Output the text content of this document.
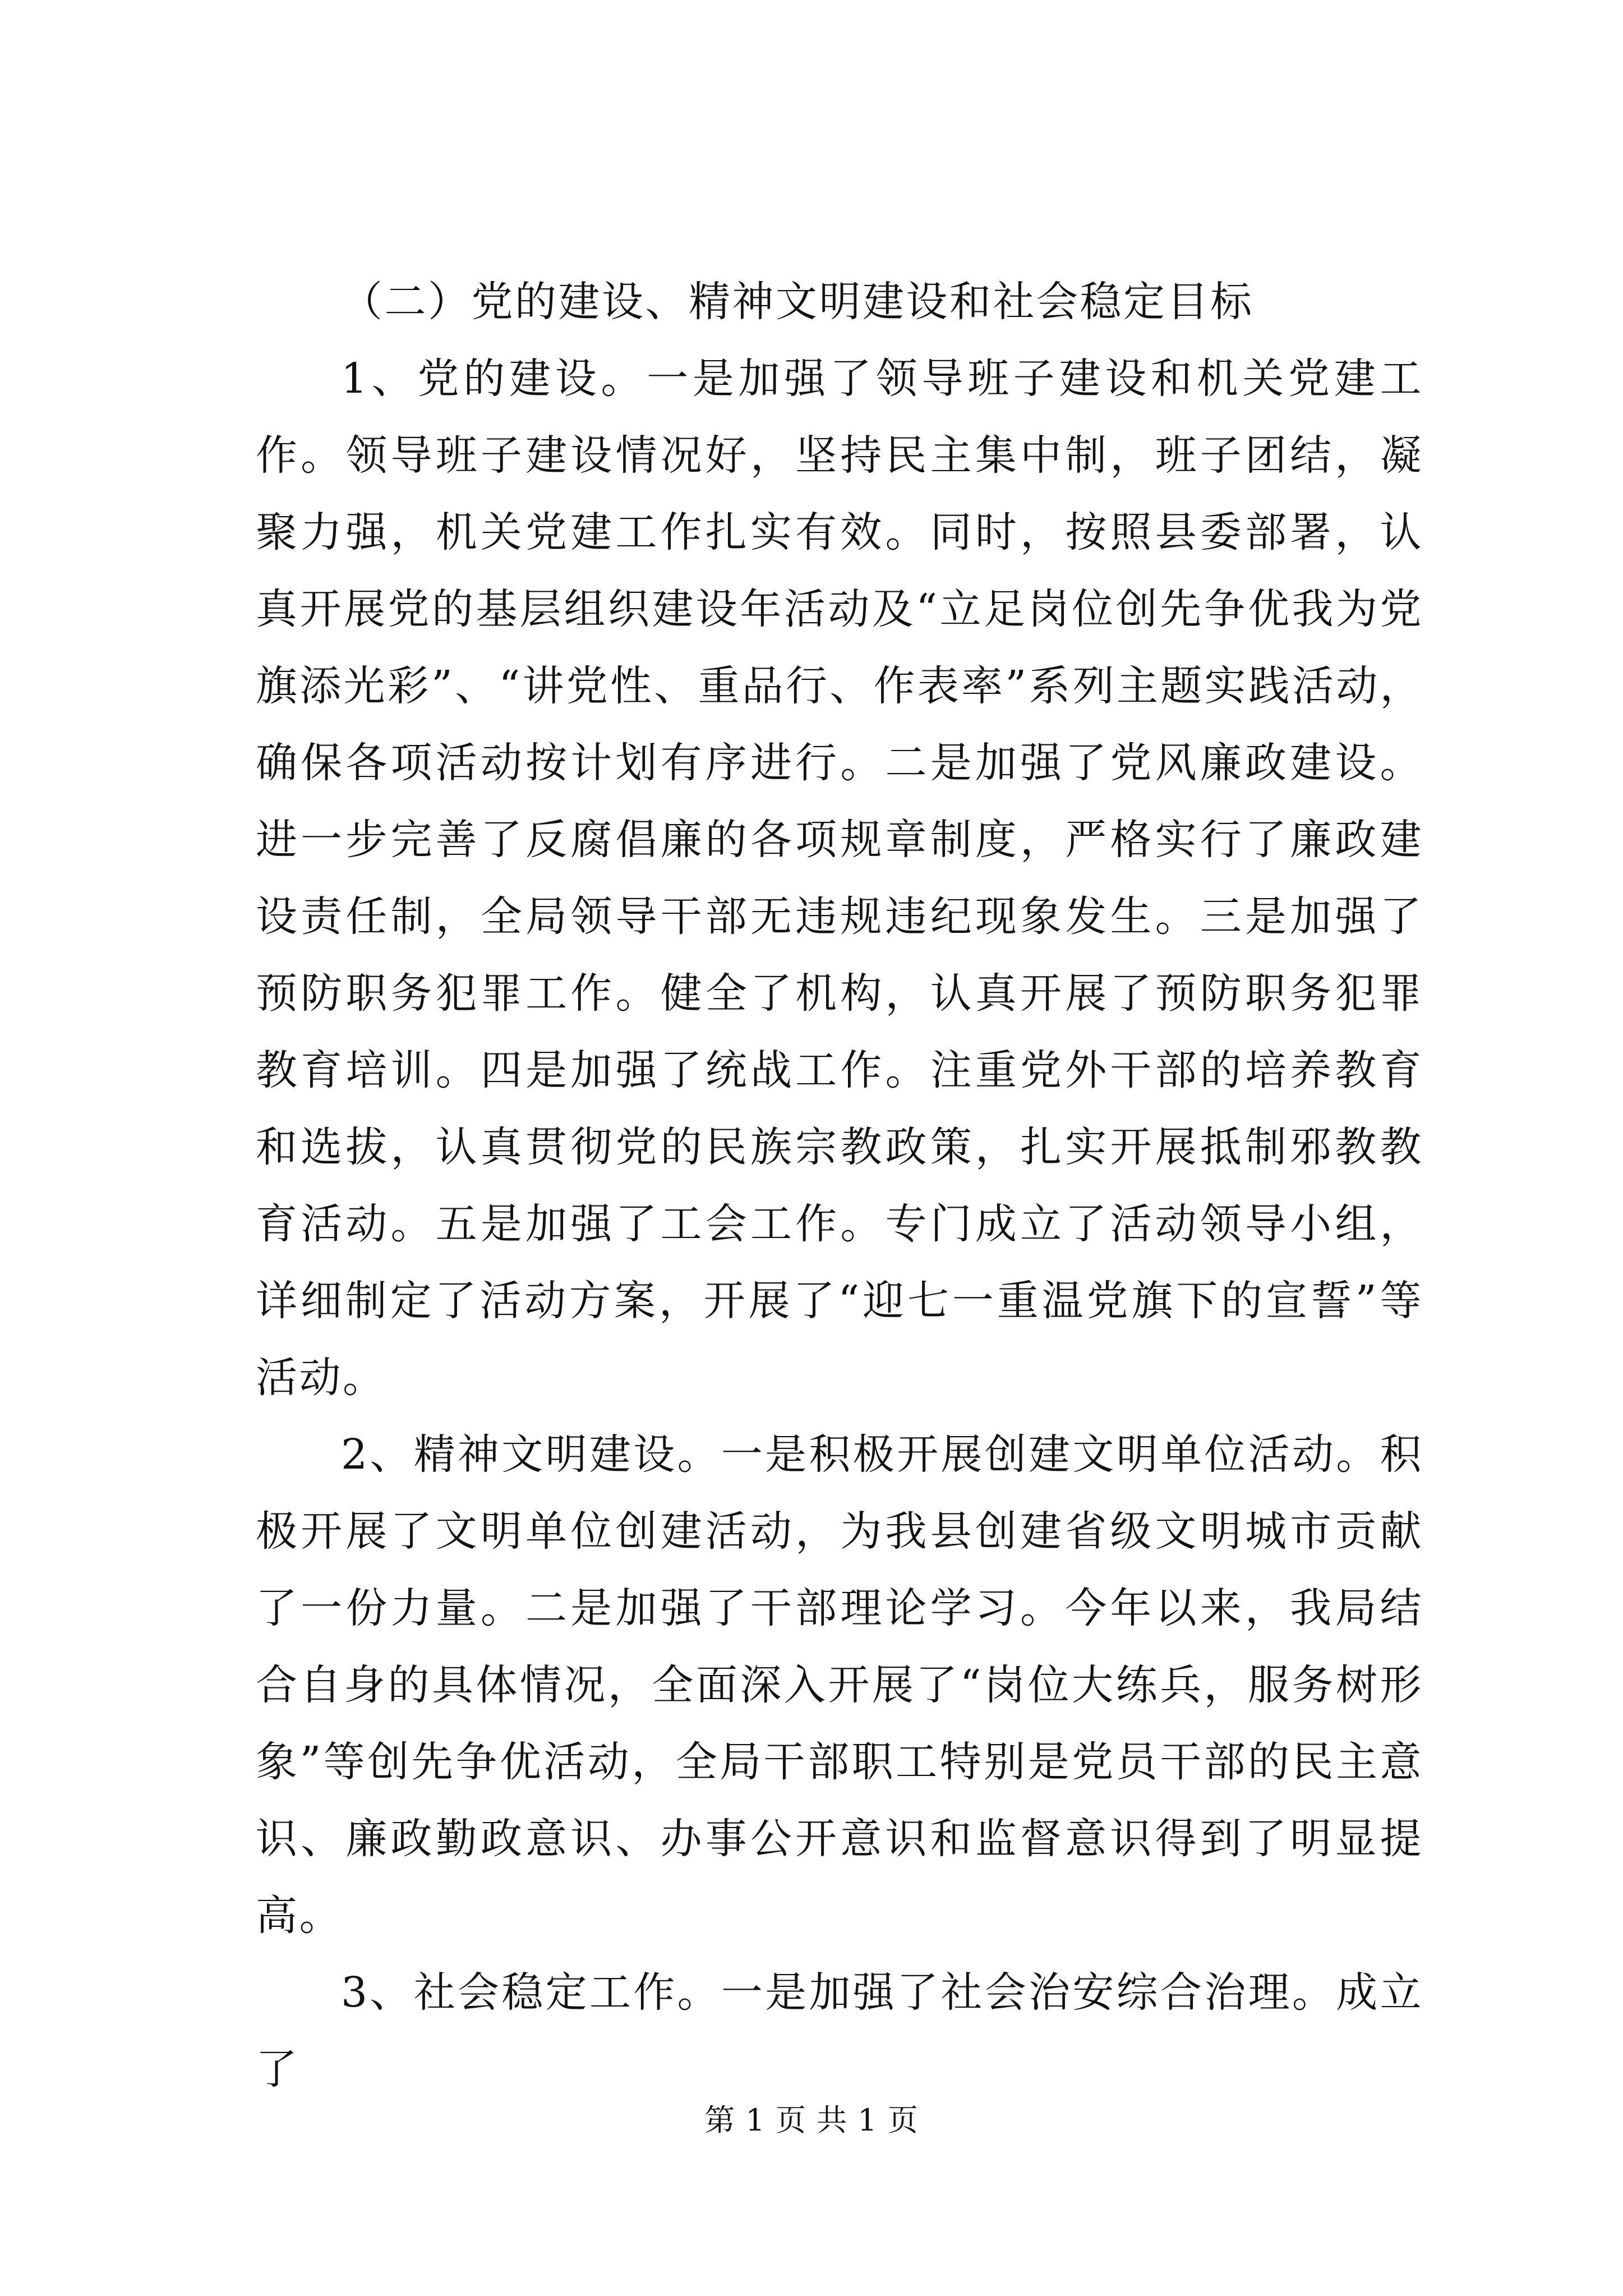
（二）党的建设、精神文明建设和社会稳定目标

1、党的建设。一是加强了领导班子建设和机关党建工作。领导班子建设情况好，坚持民主集中制，班子团结，凝聚力强，机关党建工作扎实有效。同时，按照县委部署，认真开展党的基层组织建设年活动及“立足岗位创先争优我为党旗添光彩”、“讲党性、重品行、作表率”系列主题实践活动，确保各项活动按计划有序进行。二是加强了党风廉政建设。进一步完善了反腐倡廉的各项规章制度，严格实行了廉政建设责任制，全局领导干部无违规违纪现象发生。三是加强了预防职务犯罪工作。健全了机构，认真开展了预防职务犯罪教育培训。四是加强了统战工作。注重党外干部的培养教育和选拔，认真贯彻党的民族宗教政策，扎实开展抵制邪教教育活动。五是加强了工会工作。专门成立了活动领导小组，详细制定了活动方案，开展了“迎七一重温党旗下的宣誓”等活动。

2、精神文明建设。一是积极开展创建文明单位活动。积极开展了文明单位创建活动，为我县创建省级文明城市贡献了一份力量。二是加强了干部理论学习。今年以来，我局结合自身的具体情况，全面深入开展了“岗位大练兵，服务树形象”等创先争优活动，全局干部职工特别是党员干部的民主意识、廉政勤政意识、办事公开意识和监督意识得到了明显提高。

3、社会稳定工作。一是加强了社会治安综合治理。成立了

第 1 页 共 1 页
